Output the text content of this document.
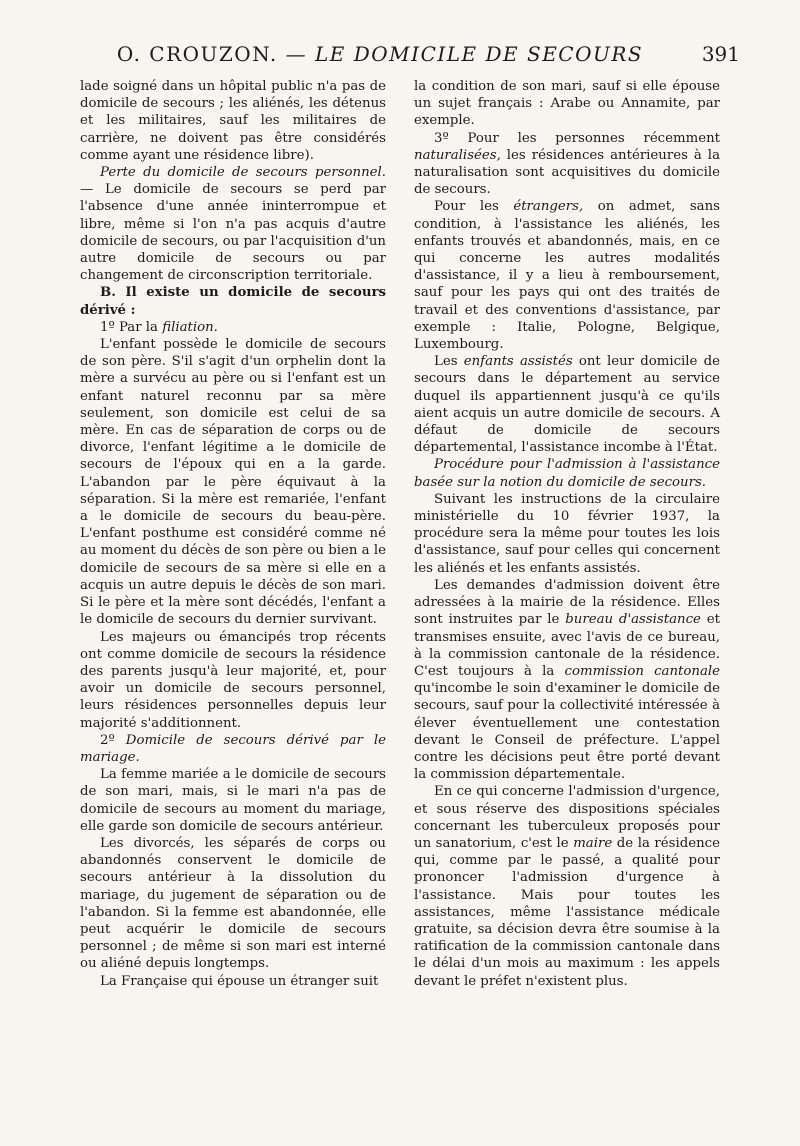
O. CROUZON. — LE DOMICILE DE SECOURS	391

lade soigné dans un hôpital public n'a pas de domicile de secours ; les aliénés, les détenus et les militaires, sauf les militaires de carrière, ne doivent pas être considérés comme ayant une résidence libre).

Perte du domicile de secours personnel. — Le domicile de secours se perd par l'absence d'une année ininterrompue et libre, même si l'on n'a pas acquis d'autre domicile de secours, ou par l'acquisition d'un autre domicile de secours ou par changement de circonscription territoriale.

B. Il existe un domicile de secours dérivé :

1º Par la filiation.

L'enfant possède le domicile de secours de son père. S'il s'agit d'un orphelin dont la mère a survécu au père ou si l'enfant est un enfant naturel reconnu par sa mère seulement, son domicile est celui de sa mère. En cas de séparation de corps ou de divorce, l'enfant légitime a le domicile de secours de l'époux qui en a la garde. L'abandon par le père équivaut à la séparation. Si la mère est remariée, l'enfant a le domicile de secours du beau-père. L'enfant posthume est considéré comme né au moment du décès de son père ou bien a le domicile de secours de sa mère si elle en a acquis un autre depuis le décès de son mari. Si le père et la mère sont décédés, l'enfant a le domicile de secours du dernier survivant.

Les majeurs ou émancipés trop récents ont comme domicile de secours la résidence des parents jusqu'à leur majorité, et, pour avoir un domicile de secours personnel, leurs résidences personnelles depuis leur majorité s'additionnent.

2º Domicile de secours dérivé par le mariage.

La femme mariée a le domicile de secours de son mari, mais, si le mari n'a pas de domicile de secours au moment du mariage, elle garde son domicile de secours antérieur.

Les divorcés, les séparés de corps ou abandonnés conservent le domicile de secours antérieur à la dissolution du mariage, du jugement de séparation ou de l'abandon. Si la femme est abandonnée, elle peut acquérir le domicile de secours personnel ; de même si son mari est interné ou aliéné depuis longtemps.

La Française qui épouse un étranger suit

la condition de son mari, sauf si elle épouse un sujet français : Arabe ou Annamite, par exemple.

3º Pour les personnes récemment naturalisées, les résidences antérieures à la naturalisation sont acquisitives du domicile de secours.

Pour les étrangers, on admet, sans condition, à l'assistance les aliénés, les enfants trouvés et abandonnés, mais, en ce qui concerne les autres modalités d'assistance, il y a lieu à remboursement, sauf pour les pays qui ont des traités de travail et des conventions d'assistance, par exemple : Italie, Pologne, Belgique, Luxembourg.

Les enfants assistés ont leur domicile de secours dans le département au service duquel ils appartiennent jusqu'à ce qu'ils aient acquis un autre domicile de secours. A défaut de domicile de secours départemental, l'assistance incombe à l'État.

Procédure pour l'admission à l'assistance basée sur la notion du domicile de secours.

Suivant les instructions de la circulaire ministérielle du 10 février 1937, la procédure sera la même pour toutes les lois d'assistance, sauf pour celles qui concernent les aliénés et les enfants assistés.

Les demandes d'admission doivent être adressées à la mairie de la résidence. Elles sont instruites par le bureau d'assistance et transmises ensuite, avec l'avis de ce bureau, à la commission cantonale de la résidence. C'est toujours à la commission cantonale qu'incombe le soin d'examiner le domicile de secours, sauf pour la collectivité intéressée à élever éventuellement une contestation devant le Conseil de préfecture. L'appel contre les décisions peut être porté devant la commission départementale.

En ce qui concerne l'admission d'urgence, et sous réserve des dispositions spéciales concernant les tuberculeux proposés pour un sanatorium, c'est le maire de la résidence qui, comme par le passé, a qualité pour prononcer l'admission d'urgence à l'assistance. Mais pour toutes les assistances, même l'assistance médicale gratuite, sa décision devra être soumise à la ratification de la commission cantonale dans le délai d'un mois au maximum : les appels devant le préfet n'existent plus.
